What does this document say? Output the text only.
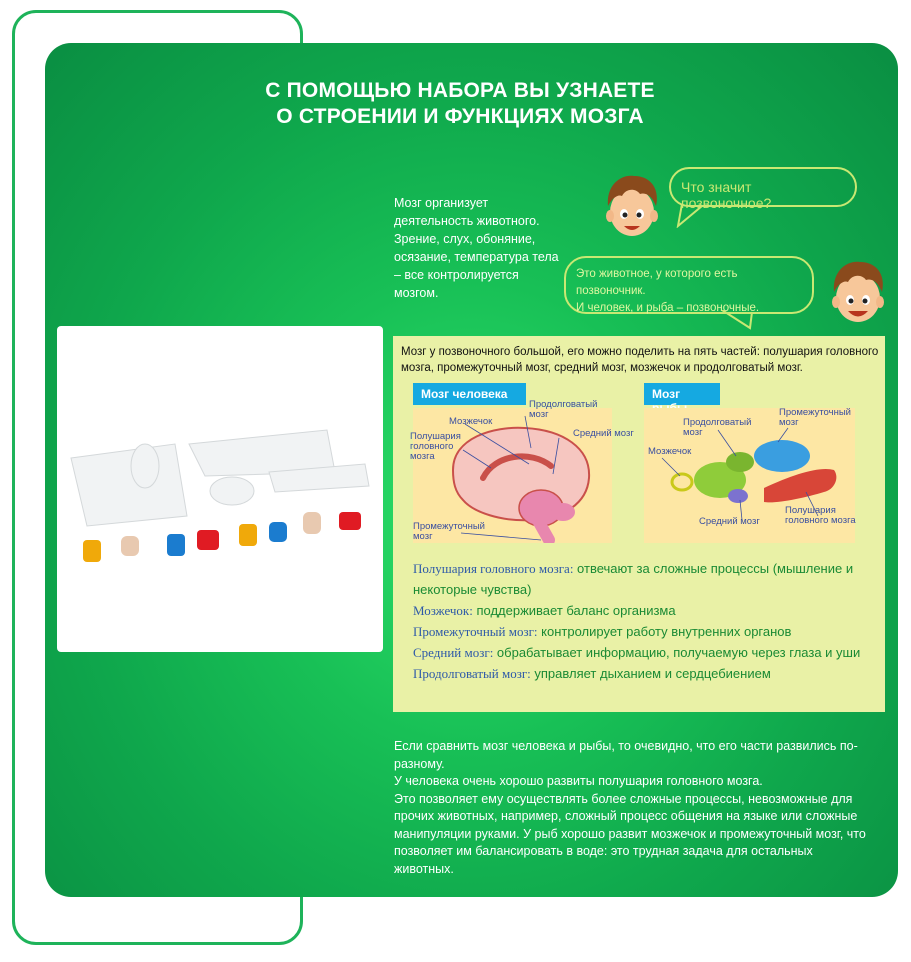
С ПОМОЩЬЮ НАБОРА ВЫ УЗНАЕТЕ
О СТРОЕНИИ И ФУНКЦИЯХ МОЗГА
Мозг организует деятельность животного. Зрение, слух, обоняние, осязание, температура тела – все контролируется мозгом.
Что значит позвоночное?
Это животное, у которого есть позвоночник.
И человек, и рыба – позвоночные.
Мозг у позвоночного большой, его можно поделить на пять частей: полушария головного мозга, промежуточный мозг, средний мозг, мозжечок и продолговатый мозг.
Мозг человека	Мозг
Продолговатый мозг
Мозжечок
Полушария головного мозга
Средний мозг
Промежуточный мозг
Продолговатый мозг
Промежуточный мозг
Мозжечок
Средний мозг
Полушария головного мозга
Полушария головного мозга: отвечают за сложные процессы (мышление и некоторые чувства)
Мозжечок: поддерживает баланс организма
Промежуточный мозг: контролирует работу внутренних органов
Средний мозг: обрабатывает информацию, получаемую через глаза и уши
Продолговатый мозг: управляет дыханием и сердцебиением

Если сравнить мозг человека и рыбы, то очевидно, что его части развились по-разному.

У человека очень хорошо развиты полушария головного мозга.

Это позволяет ему осуществлять более сложные процессы, невозможные для прочих животных, например, сложный процесс общения на языке или сложные манипуляции руками. У рыб хорошо развит мозжечок и промежуточный мозг, что позволяет им балансировать в воде: это трудная задача для остальных животных.
